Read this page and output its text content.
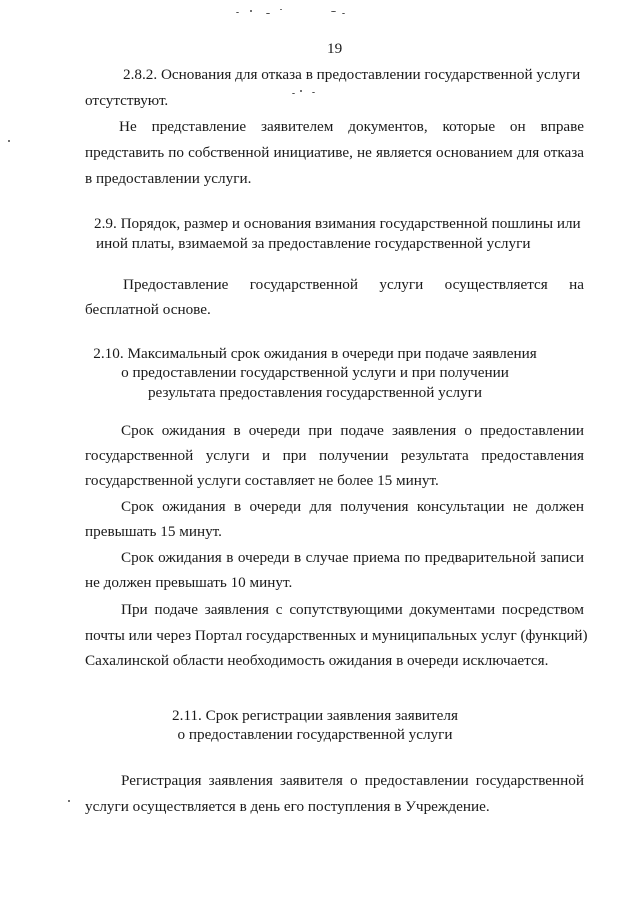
19
2.8.2. Основания для отказа в предоставлении государственной услуги
отсутствуют.
Не представление заявителем документов, которые он вправе
представить по собственной инициативе, не является основанием для отказа
в предоставлении услуги.
2.9. Порядок, размер и основания взимания государственной пошлины или
иной платы, взимаемой за предоставление государственной услуги
Предоставление государственной услуги осуществляется на
бесплатной основе.
2.10. Максимальный срок ожидания в очереди при подаче заявления
о предоставлении государственной услуги и при получении
результата предоставления государственной услуги
Срок ожидания в очереди при подаче заявления о предоставлении
государственной услуги и при получении результата предоставления
государственной услуги составляет не более 15 минут.
Срок ожидания в очереди для получения консультации не должен
превышать 15 минут.
Срок ожидания в очереди в случае приема по предварительной записи
не должен превышать 10 минут.
При подаче заявления с сопутствующими документами посредством
почты или через Портал государственных и муниципальных услуг (функций)
Сахалинской области необходимость ожидания в очереди исключается.
2.11. Срок регистрации заявления заявителя
о предоставлении государственной услуги
Регистрация заявления заявителя о предоставлении государственной
услуги осуществляется в день его поступления в Учреждение.
